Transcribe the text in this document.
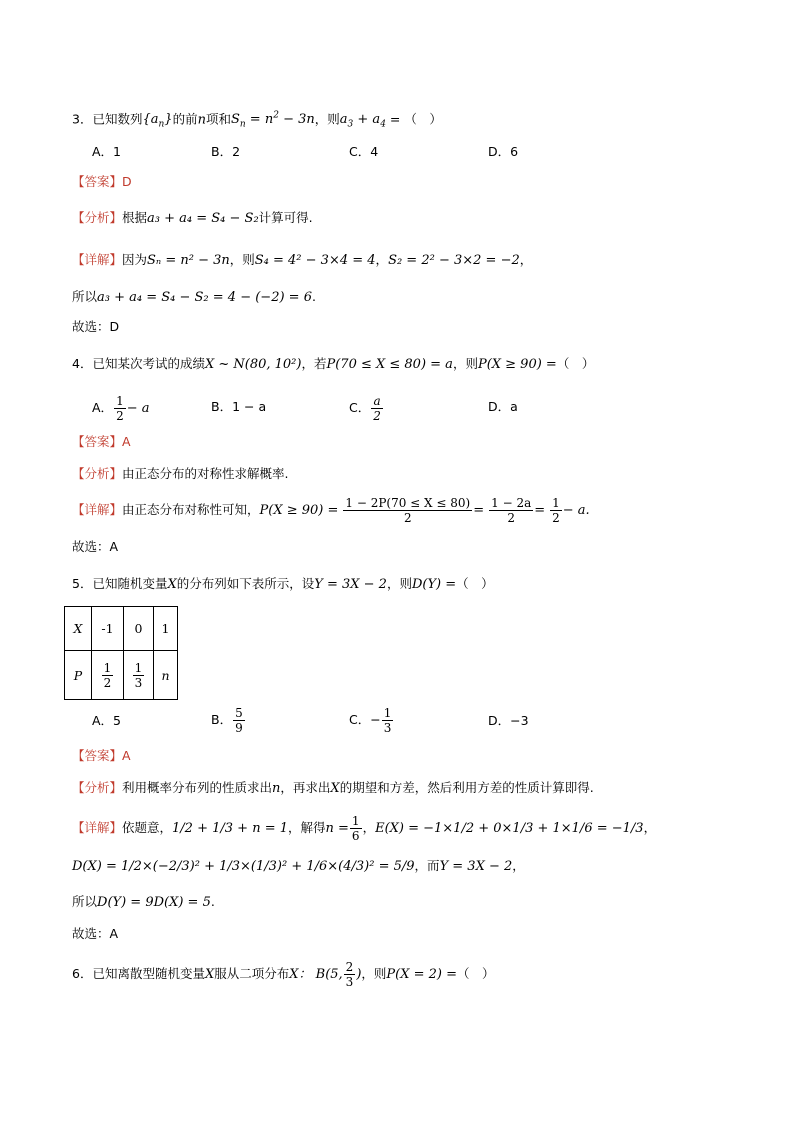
3．已知数列$\{a_n\}$的前n项和$S_n = n^2 - 3n$，则$a_3 + a_4$ = （　）
A．1	B．2	C．4	D．6
【答案】D
【分析】根据a₃ + a₄ = S₄ − S₂计算可得.
【详解】因为Sₙ = n² − 3n，则S₄ = 4² − 3×4 = 4，S₂ = 2² − 3×2 = −2，
所以a₃ + a₄ = S₄ − S₂ = 4 − (−2) = 6.
故选：D
4．已知某次考试的成绩X ~ N(80, 10²)，若P(70 ≤ X ≤ 80) = a，则P(X ≥ 90) =（　）
A． $\frac{1}{2} - a$	B．1 − a	C． $\frac{a}{2}$	D．a
【答案】A
【分析】由正态分布的对称性求解概率.
【详解】由正态分布对称性可知，$P(X \ge 90) = \frac{1 - 2P(70 \le X \le 80)}{2} = \frac{1 - 2a}{2} = \frac{1}{2} - a$.
故选：A
5．已知随机变量X的分布列如下表所示，设Y = 3X − 2，则D(Y) =（　）
X	-1	0	1
P	$\frac{1}{2}$	$\frac{1}{3}$	n
A．5	B． $\frac{5}{9}$	C．− $\frac{1}{3}$	D．−3
【答案】A
【分析】利用概率分布列的性质求出n，再求出X的期望和方差，然后利用方差的性质计算即得.
【详解】依题意，1/2 + 1/3 + n = 1，解得$n = \frac{1}{6}$ ，E(X) = −1×1/2 + 0×1/3 + 1×1/6 = −1/3，
D(X) = 1/2×(−2/3)² + 1/3×(1/3)² + 1/6×(4/3)² = 5/9，而Y = 3X − 2，
所以D(Y) = 9D(X) = 5.
故选：A
6．已知离散型随机变量X服从二项分布X： B(5, $\frac{2}{3}$ )，则P(X = 2) =（　）
